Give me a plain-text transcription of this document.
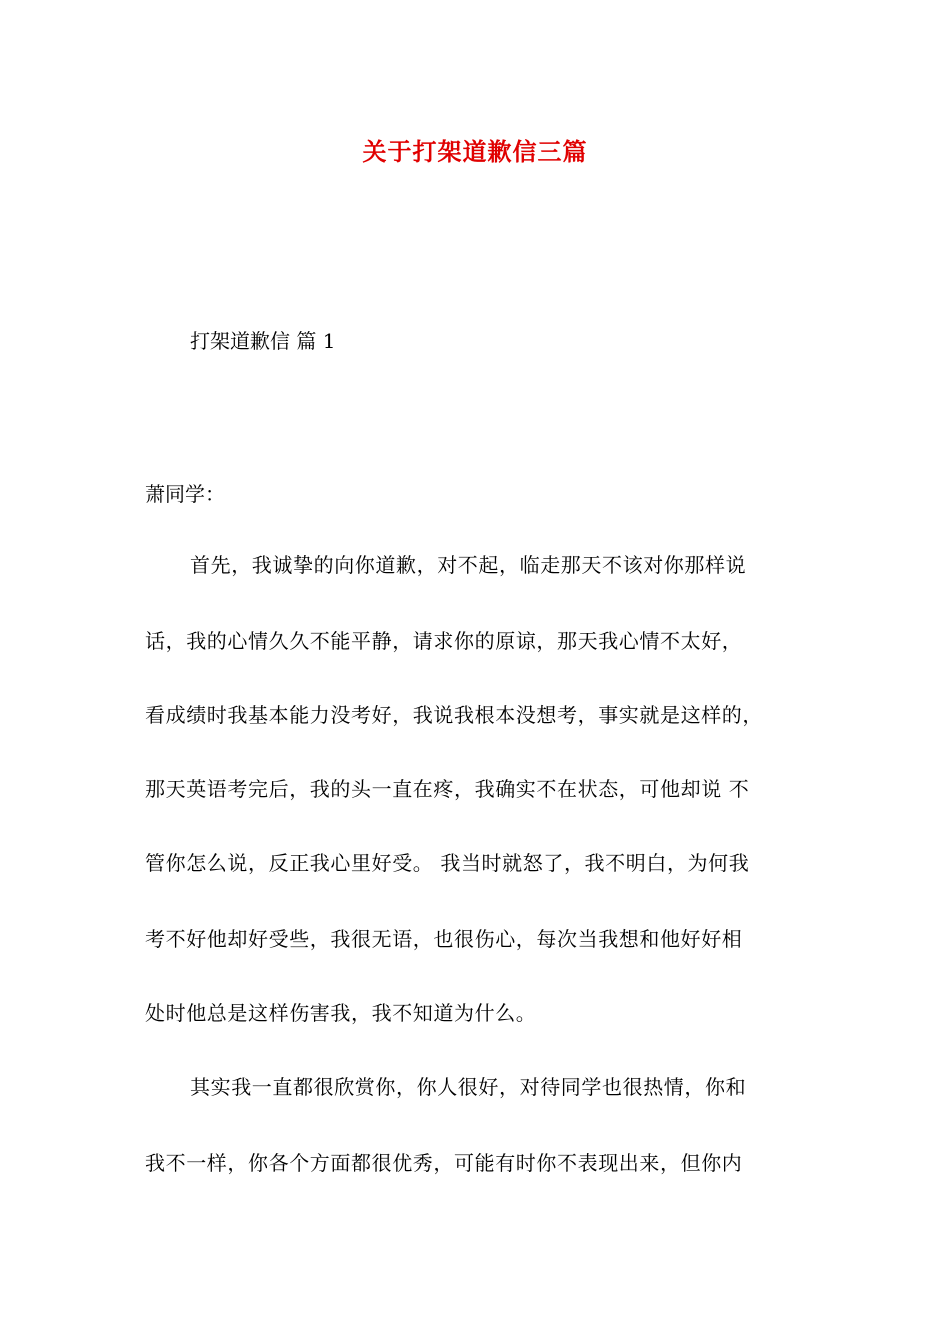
关于打架道歉信三篇
打架道歉信 篇 1
萧同学：
首先，我诚挚的向你道歉，对不起，临走那天不该对你那样说
话，我的心情久久不能平静，请求你的原谅，那天我心情不太好，
看成绩时我基本能力没考好，我说我根本没想考，事实就是这样的，
那天英语考完后，我的头一直在疼，我确实不在状态，可他却说 不
管你怎么说，反正我心里好受。 我当时就怒了，我不明白，为何我
考不好他却好受些，我很无语，也很伤心，每次当我想和他好好相
处时他总是这样伤害我，我不知道为什么。
其实我一直都很欣赏你，你人很好，对待同学也很热情，你和
我不一样，你各个方面都很优秀，可能有时你不表现出来，但你内
